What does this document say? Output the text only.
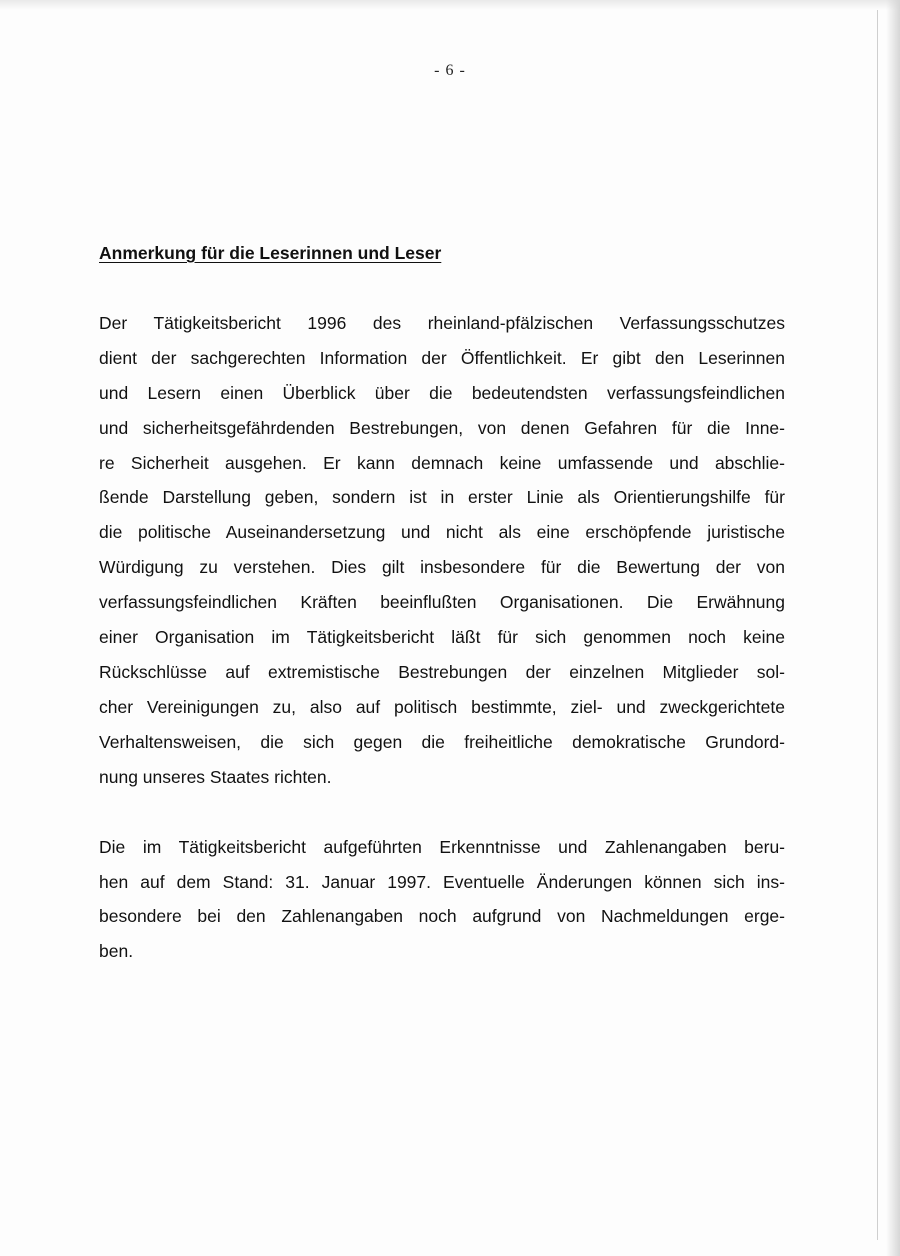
- 6 -
Anmerkung für die Leserinnen und Leser

Der Tätigkeitsbericht 1996 des rheinland-pfälzischen Verfassungsschutzes
dient der sachgerechten Information der Öffentlichkeit. Er gibt den Leserinnen
und Lesern einen Überblick über die bedeutendsten verfassungsfeindlichen
und sicherheitsgefährdenden Bestrebungen, von denen Gefahren für die Inne-
re Sicherheit ausgehen. Er kann demnach keine umfassende und abschlie-
ßende Darstellung geben, sondern ist in erster Linie als Orientierungshilfe für
die politische Auseinandersetzung und nicht als eine erschöpfende juristische
Würdigung zu verstehen. Dies gilt insbesondere für die Bewertung der von
verfassungsfeindlichen Kräften beeinflußten Organisationen. Die Erwähnung
einer Organisation im Tätigkeitsbericht läßt für sich genommen noch keine
Rückschlüsse auf extremistische Bestrebungen der einzelnen Mitglieder sol-
cher Vereinigungen zu, also auf politisch bestimmte, ziel- und zweckgerichtete
Verhaltensweisen, die sich gegen die freiheitliche demokratische Grundord-
nung unseres Staates richten.

Die im Tätigkeitsbericht aufgeführten Erkenntnisse und Zahlenangaben beru-
hen auf dem Stand: 31. Januar 1997. Eventuelle Änderungen können sich ins-
besondere bei den Zahlenangaben noch aufgrund von Nachmeldungen erge-
ben.
